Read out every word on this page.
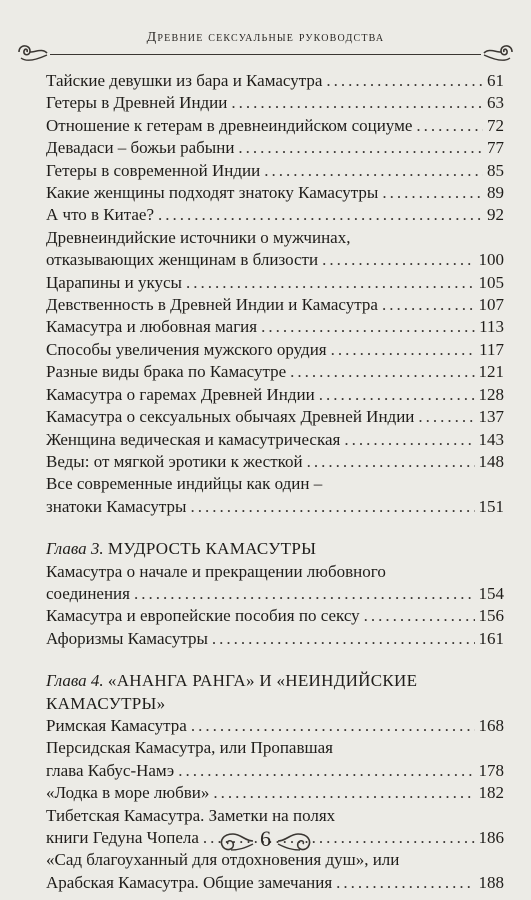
Древние сексуальные руководства
Тайские девушки из бара и Камасутра .....	61
Гетеры в Древней Индии .....	63
Отношение к гетерам в древнеиндийском социуме .....	72
Девадаси – божьи рабыни .....	77
Гетеры в современной Индии .....	85
Какие женщины подходят знатоку Камасутры .....	89
А что в Китае? .....	92
Древнеиндийские источники о мужчинах,
отказывающих женщинам в близости .....	100
Царапины и укусы .....	105
Девственность в Древней Индии и Камасутра .....	107
Камасутра и любовная магия .....	113
Способы увеличения мужского орудия .....	117
Разные виды брака по Камасутре .....	121
Камасутра о гаремах Древней Индии .....	128
Камасутра о сексуальных обычаях Древней Индии .....	137
Женщина ведическая и камасутрическая .....	143
Веды: от мягкой эротики к жесткой .....	148
Все современные индийцы как один –
знатоки Камасутры .....	151
Глава 3. МУДРОСТЬ КАМАСУТРЫ
Камасутра о начале и прекращении любовного
соединения .....	154
Камасутра и европейские пособия по сексу .....	156
Афоризмы Камасутры .....	161
Глава 4. «АНАНГА РАНГА» И «НЕИНДИЙСКИЕ
КАМАСУТРЫ»
Римская Камасутра .....	168
Персидская Камасутра, или Пропавшая
глава Кабус-Намэ .....	178
«Лодка в море любви» .....	182
Тибетская Камасутра. Заметки на полях
книги Гедуна Чопела .....	186
«Сад благоуханный для отдохновения душ», или
Арабская Камасутра. Общие замечания .....	188
6
